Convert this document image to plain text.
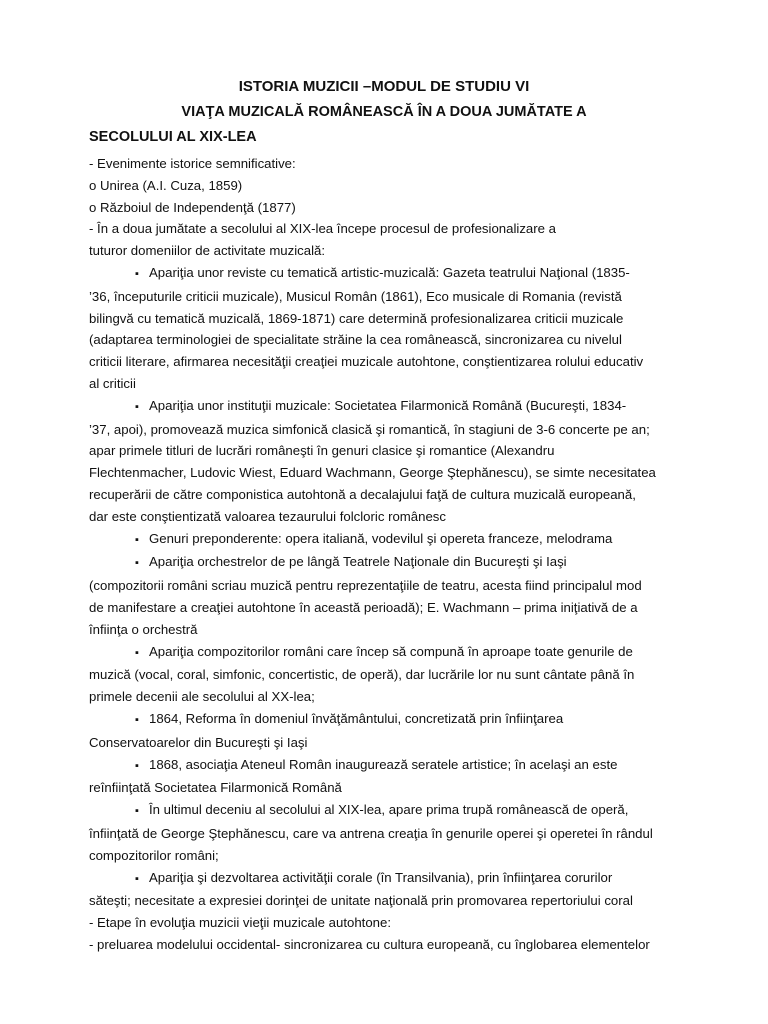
ISTORIA MUZICII –MODUL DE STUDIU VI
VIAŢA MUZICALĂ ROMÂNEASCĂ ÎN A DOUA JUMĂTATE A
SECOLULUI AL XIX-LEA
- Evenimente istorice semnificative:
o Unirea (A.I. Cuza, 1859)
o Războiul de Independenţă (1877)
- În a doua jumătate a secolului al XIX-lea începe procesul de profesionalizare a
tuturor domeniilor de activitate muzicală:
▪Apariţia unor reviste cu tematică artistic-muzicală: Gazeta teatrului Naţional (1835-
’36, începuturile criticii muzicale), Musicul Român (1861), Eco musicale di Romania (revistă
bilingvă cu tematică muzicală, 1869-1871) care determină profesionalizarea criticii muzicale
(adaptarea terminologiei de specialitate străine la cea românească, sincronizarea cu nivelul
criticii literare, afirmarea necesităţii creaţiei muzicale autohtone, conştientizarea rolului educativ
al criticii
▪Apariţia unor instituţii muzicale: Societatea Filarmonică Română (Bucureşti, 1834-
’37, apoi), promovează muzica simfonică clasică şi romantică, în stagiuni de 3-6 concerte pe an;
apar primele titluri de lucrări româneşti în genuri clasice şi romantice (Alexandru
Flechtenmacher, Ludovic Wiest, Eduard Wachmann, George Ştephănescu), se simte necesitatea
recuperării de către componistica autohtonă a decalajului faţă de cultura muzicală europeană,
dar este conştientizată valoarea tezaurului folcloric românesc
▪Genuri preponderente: opera italiană, vodevilul şi opereta franceze, melodrama
▪Apariţia orchestrelor de pe lângă Teatrele Naţionale din Bucureşti şi Iaşi
(compozitorii români scriau muzică pentru reprezentaţiile de teatru, acesta fiind principalul mod
de manifestare a creaţiei autohtone în această perioadă); E. Wachmann – prima iniţiativă de a
înfiinţa o orchestră
▪Apariţia compozitorilor români care încep să compună în aproape toate genurile de
muzică (vocal, coral, simfonic, concertistic, de operă), dar lucrările lor nu sunt cântate până în
primele decenii ale secolului al XX-lea;
▪1864, Reforma în domeniul învăţământului, concretizată prin înfiinţarea
Conservatoarelor din Bucureşti şi Iaşi
▪1868, asociaţia Ateneul Român inaugurează seratele artistice; în acelaşi an este
reînfiinţată Societatea Filarmonică Română
▪În ultimul deceniu al secolului al XIX-lea, apare prima trupă românească de operă,
înfiinţată de George Ştephănescu, care va antrena creaţia în genurile operei şi operetei în rândul
compozitorilor români;
▪Apariţia şi dezvoltarea activităţii corale (în Transilvania), prin înfiinţarea corurilor
săteşti; necesitate a expresiei dorinţei de unitate naţională prin promovarea repertoriului coral
- Etape în evoluţia muzicii vieţii muzicale autohtone:
- preluarea modelului occidental- sincronizarea cu cultura europeană, cu înglobarea elementelor
